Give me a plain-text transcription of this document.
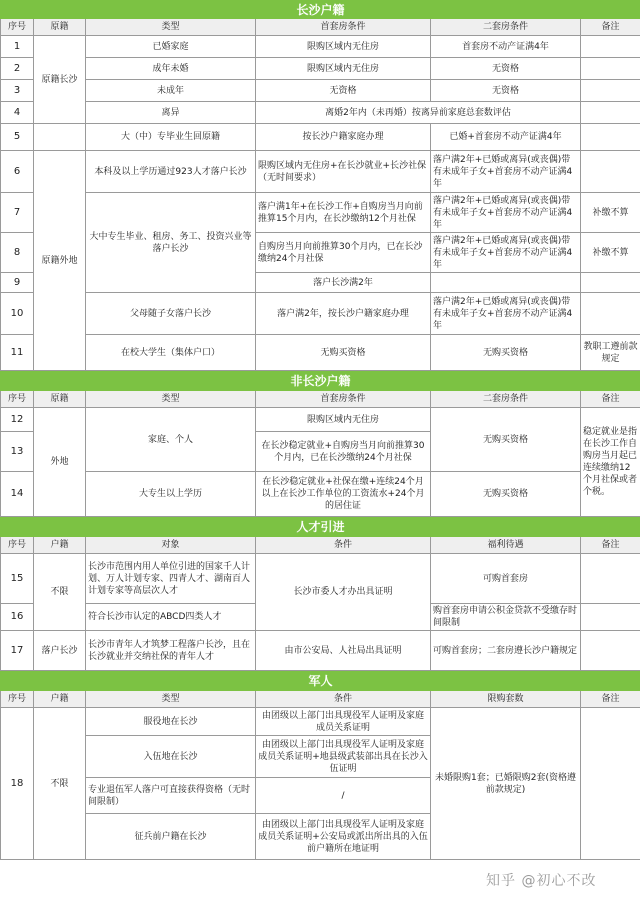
长沙户籍					
序号	原籍	类型	首套房条件	二套房条件	备注
1	原籍长沙	已婚家庭	限购区域内无住房	首套房不动产证满4年	
2		成年未婚	限购区域内无住房	无资格	
3		未成年	无资格	无资格	
4		离异	离婚2年内（未再婚）按离异前家庭总套数评估		
5		大（中）专毕业生回原籍	按长沙户籍家庭办理	已婚+首套房不动产证满4年	
6	原籍外地	本科及以上学历通过923人才落户长沙	限购区域内无住房+在长沙就业+长沙社保（无时间要求）	落户满2年+已婚或离异(或丧偶)带有未成年子女+首套房不动产证满4年	
7		大中专生毕业、租房、务工、投资兴业等落户长沙	落户满1年+在长沙工作+自购房当月向前推算15个月内，在长沙缴纳12个月社保	落户满2年+已婚或离异(或丧偶)带有未成年子女+首套房不动产证满4年	补缴不算
8			自购房当月向前推算30个月内，已在长沙缴纳24个月社保	落户满2年+已婚或离异(或丧偶)带有未成年子女+首套房不动产证满4年	补缴不算
9			落户长沙满2年		
10		父母随子女落户长沙	落户满2年，按长沙户籍家庭办理	落户满2年+已婚或离异(或丧偶)带有未成年子女+首套房不动产证满4年	
11		在校大学生（集体户口）	无购买资格	无购买资格	教职工遵前款规定
非长沙户籍					
序号	原籍	类型	首套房条件	二套房条件	备注
12	外地	家庭、个人	限购区域内无住房	无购买资格	稳定就业是指在长沙工作自购房当月起已连续缴纳12个月社保或者个税。
13			在长沙稳定就业+自购房当月向前推算30个月内，已在长沙缴纳24个月社保		
14		大专生以上学历	在长沙稳定就业+社保在缴+连续24个月以上在长沙工作单位的工资流水+24个月的居住证	无购买资格	
人才引进					
序号	户籍	对象	条件	福利待遇	备注
15	不限	长沙市范围内用人单位引进的国家千人计划、万人计划专家、四青人才、湖南百人计划专家等高层次人才	长沙市委人才办出具证明	可购首套房	
16		符合长沙市认定的ABCD四类人才		购首套房申请公积金贷款不受缴存时间限制	
17	落户长沙	长沙市青年人才筑梦工程落户长沙，且在长沙就业并交纳社保的青年人才	由市公安局、人社局出具证明	可购首套房；二套房遵长沙户籍规定	
军人					
序号	户籍	类型	条件	限购套数	备注
18	不限	服役地在长沙	由团级以上部门出具现役军人证明及家庭成员关系证明	未婚限购1套；已婚限购2套(资格遵前款规定)	
		入伍地在长沙	由团级以上部门出具现役军人证明及家庭成员关系证明+地县级武装部出具在长沙入伍证明		
		专业退伍军人落户可直接获得资格（无时间限制）	/		
		征兵前户籍在长沙	由团级以上部门出具现役军人证明及家庭成员关系证明+公安局或派出所出具的入伍前户籍所在地证明		
知乎 @初心不改
